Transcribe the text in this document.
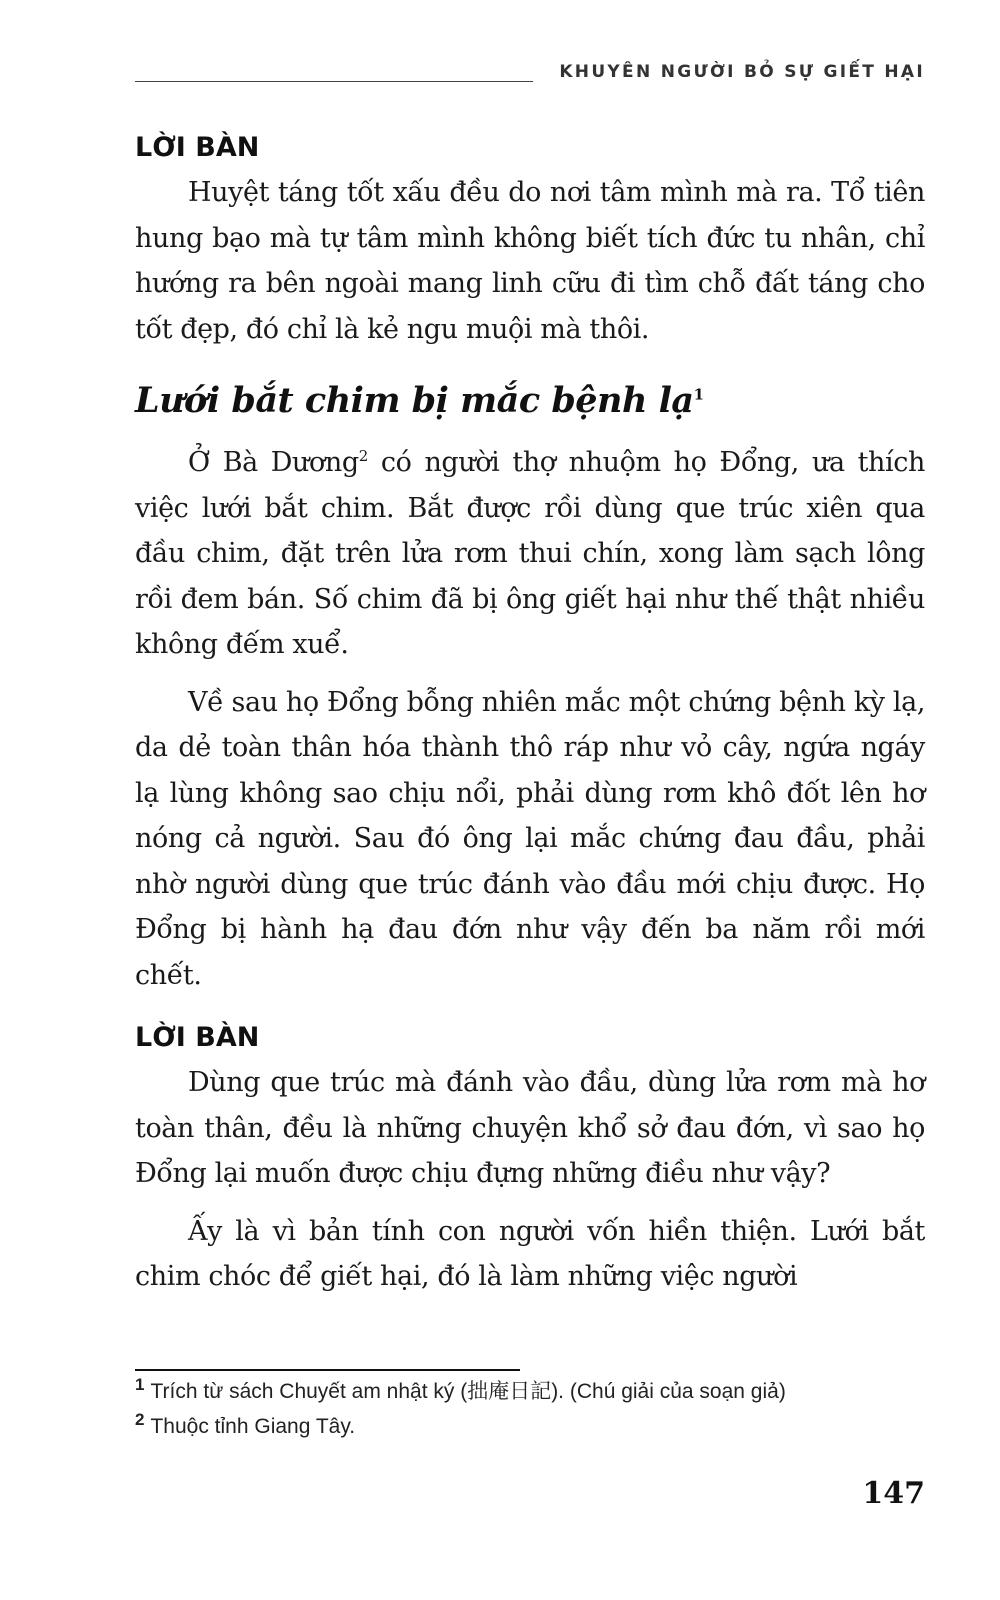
KHUYÊN NGƯỜI BỎ SỰ GIẾT HẠI
LỜI BÀN

Huyệt táng tốt xấu đều do nơi tâm mình mà ra. Tổ tiên hung bạo mà tự tâm mình không biết tích đức tu nhân, chỉ hướng ra bên ngoài mang linh cữu đi tìm chỗ đất táng cho tốt đẹp, đó chỉ là kẻ ngu muội mà thôi.

Lưới bắt chim bị mắc bệnh lạ$^1$

Ở Bà Dương$^2$ có người thợ nhuộm họ Đổng, ưa thích việc lưới bắt chim. Bắt được rồi dùng que trúc xiên qua đầu chim, đặt trên lửa rơm thui chín, xong làm sạch lông rồi đem bán. Số chim đã bị ông giết hại như thế thật nhiều không đếm xuể.

Về sau họ Đổng bỗng nhiên mắc một chứng bệnh kỳ lạ, da dẻ toàn thân hóa thành thô ráp như vỏ cây, ngứa ngáy lạ lùng không sao chịu nổi, phải dùng rơm khô đốt lên hơ nóng cả người. Sau đó ông lại mắc chứng đau đầu, phải nhờ người dùng que trúc đánh vào đầu mới chịu được. Họ Đổng bị hành hạ đau đớn như vậy đến ba năm rồi mới chết.

LỜI BÀN

Dùng que trúc mà đánh vào đầu, dùng lửa rơm mà hơ toàn thân, đều là những chuyện khổ sở đau đớn, vì sao họ Đổng lại muốn được chịu đựng những điều như vậy?

Ấy là vì bản tính con người vốn hiền thiện. Lưới bắt chim chóc để giết hại, đó là làm những việc người

$^1$ Trích từ sách Chuyết am nhật ký (拙庵日記). (Chú giải của soạn giả)

$^2$ Thuộc tỉnh Giang Tây.

147
